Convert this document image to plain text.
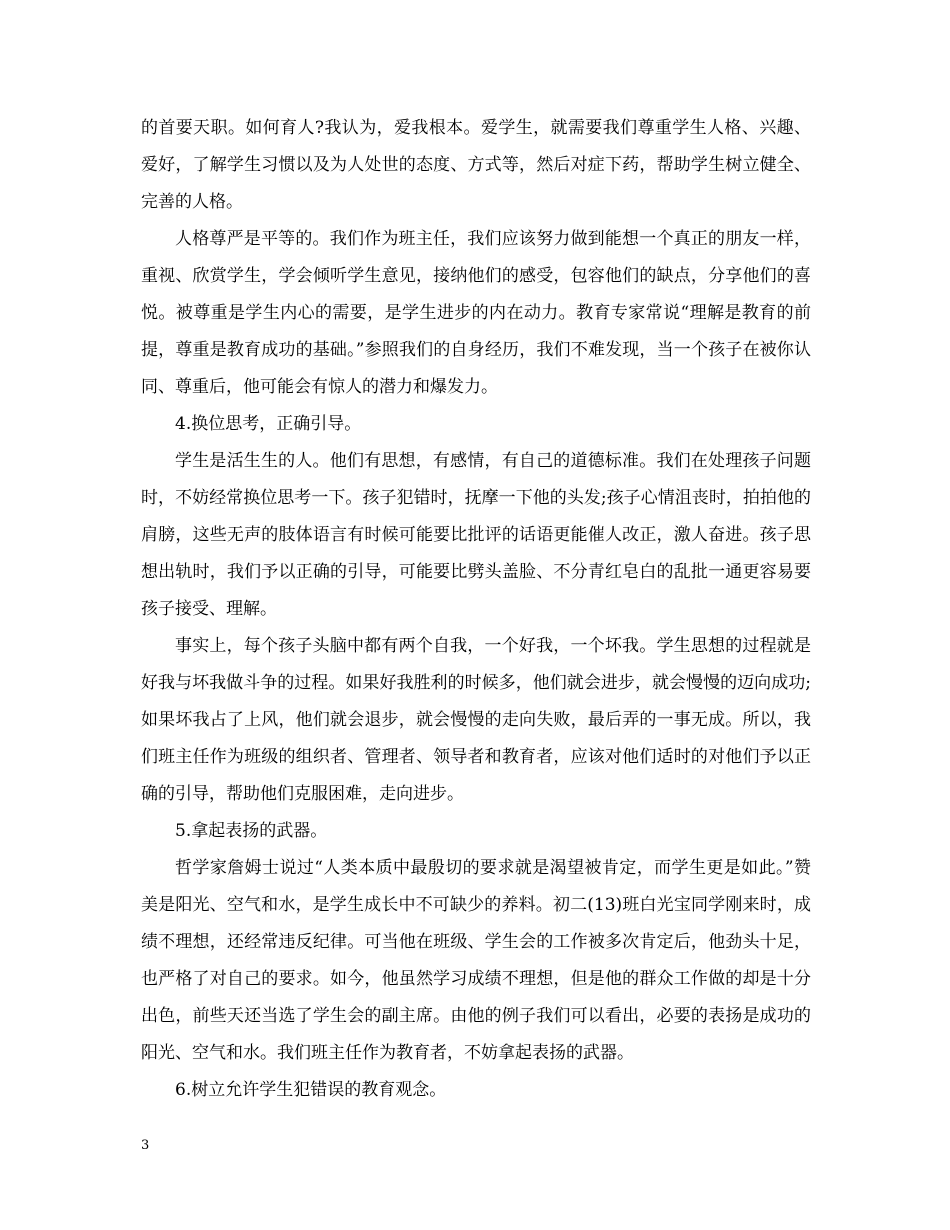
的首要天职。如何育人?我认为，爱我根本。爱学生，就需要我们尊重学生人格、兴趣、爱好，了解学生习惯以及为人处世的态度、方式等，然后对症下药，帮助学生树立健全、完善的人格。

人格尊严是平等的。我们作为班主任，我们应该努力做到能想一个真正的朋友一样，重视、欣赏学生，学会倾听学生意见，接纳他们的感受，包容他们的缺点，分享他们的喜悦。被尊重是学生内心的需要，是学生进步的内在动力。教育专家常说“理解是教育的前提，尊重是教育成功的基础。”参照我们的自身经历，我们不难发现，当一个孩子在被你认同、尊重后，他可能会有惊人的潜力和爆发力。

4.换位思考，正确引导。

学生是活生生的人。他们有思想，有感情，有自己的道德标准。我们在处理孩子问题时，不妨经常换位思考一下。孩子犯错时，抚摩一下他的头发;孩子心情沮丧时，拍拍他的肩膀，这些无声的肢体语言有时候可能要比批评的话语更能催人改正，激人奋进。孩子思想出轨时，我们予以正确的引导，可能要比劈头盖脸、不分青红皂白的乱批一通更容易要孩子接受、理解。

事实上，每个孩子头脑中都有两个自我，一个好我，一个坏我。学生思想的过程就是好我与坏我做斗争的过程。如果好我胜利的时候多，他们就会进步，就会慢慢的迈向成功;如果坏我占了上风，他们就会退步，就会慢慢的走向失败，最后弄的一事无成。所以，我们班主任作为班级的组织者、管理者、领导者和教育者，应该对他们适时的对他们予以正确的引导，帮助他们克服困难，走向进步。

5.拿起表扬的武器。

哲学家詹姆士说过“人类本质中最殷切的要求就是渴望被肯定，而学生更是如此。”赞美是阳光、空气和水，是学生成长中不可缺少的养料。初二(13)班白光宝同学刚来时，成绩不理想，还经常违反纪律。可当他在班级、学生会的工作被多次肯定后，他劲头十足，也严格了对自己的要求。如今，他虽然学习成绩不理想，但是他的群众工作做的却是十分出色，前些天还当选了学生会的副主席。由他的例子我们可以看出，必要的表扬是成功的阳光、空气和水。我们班主任作为教育者，不妨拿起表扬的武器。

6.树立允许学生犯错误的教育观念。

3
